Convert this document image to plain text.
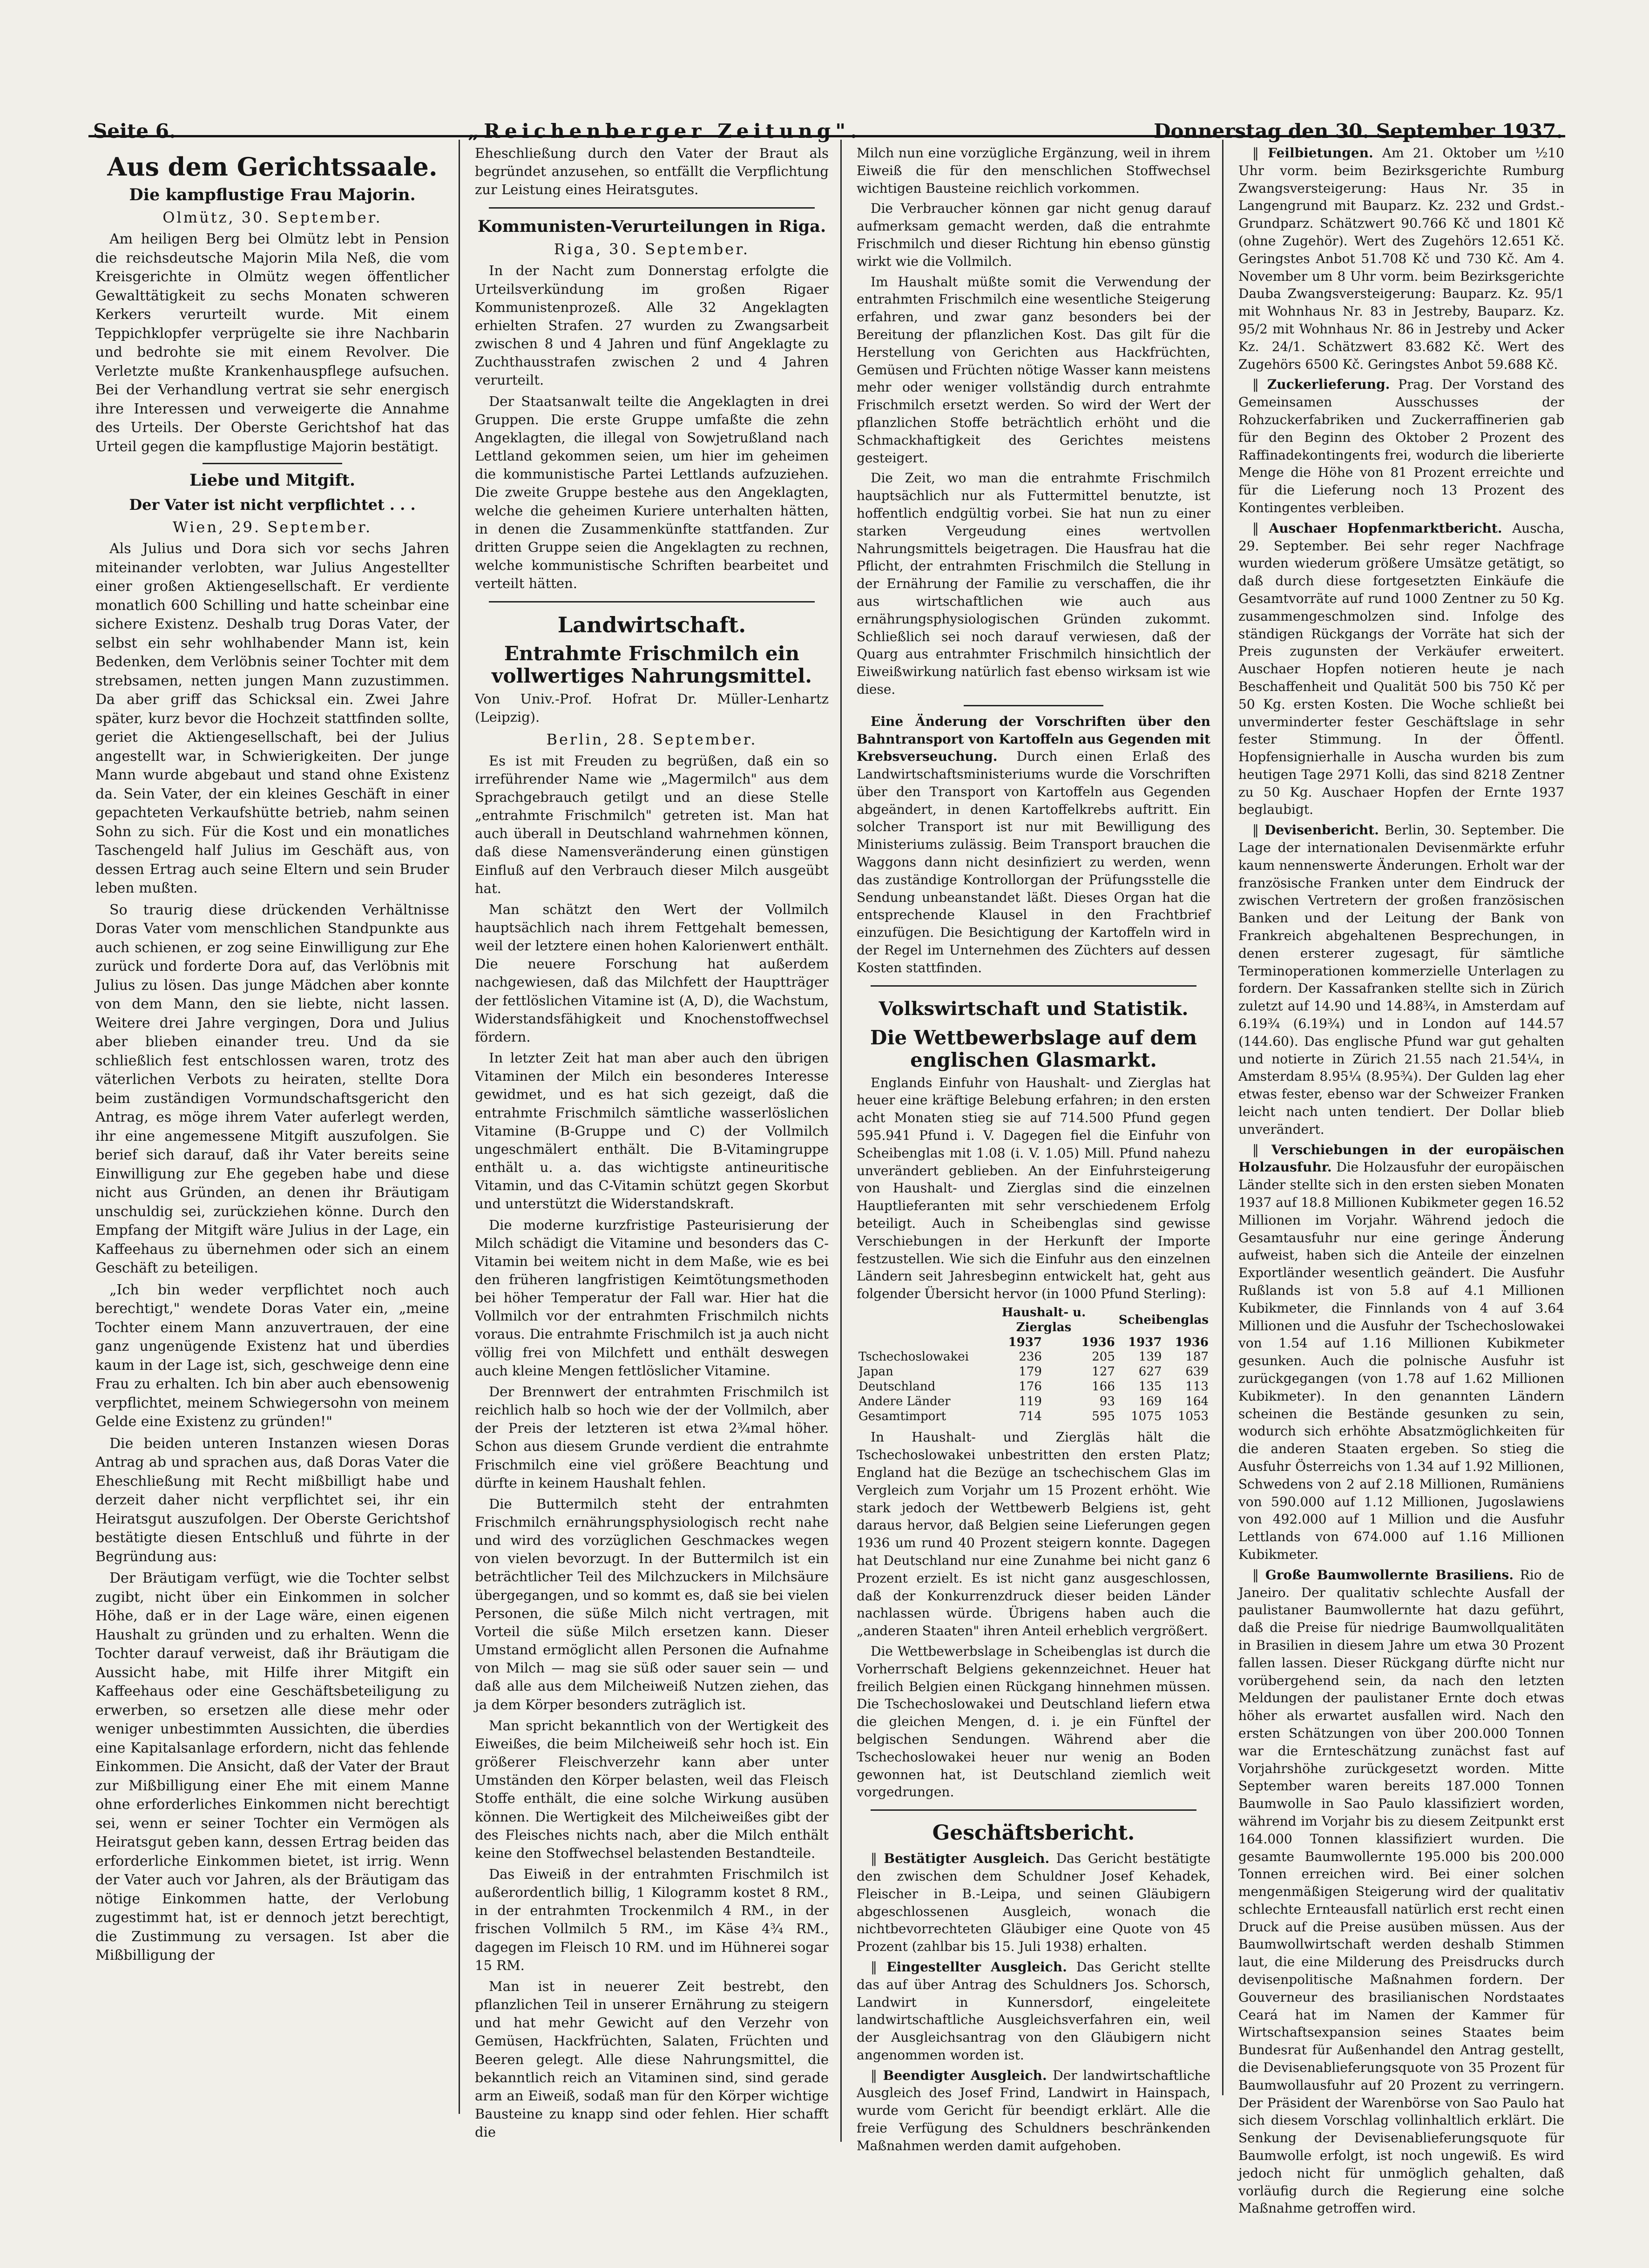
Seite 6.	„Reichenberger Zeitung".	Donnerstag den 30. September 1937.
Aus dem Gerichtssaale.
Die kampflustige Frau Majorin.
Olmütz, 30. September.

Am heiligen Berg bei Olmütz lebt in Pension die reichsdeutsche Majorin Mila Neß, die vom Kreisgerichte in Olmütz wegen öffentlicher Gewalttätigkeit zu sechs Monaten schweren Kerkers verurteilt wurde. Mit einem Teppichklopfer verprügelte sie ihre Nachbarin und bedrohte sie mit einem Revolver. Die Verletzte mußte Krankenhauspflege aufsuchen. Bei der Verhandlung vertrat sie sehr energisch ihre Interessen und verweigerte die Annahme des Urteils. Der Oberste Gerichtshof hat das Urteil gegen die kampflustige Majorin bestätigt.

Liebe und Mitgift.
Der Vater ist nicht verpflichtet . . .
Wien, 29. September.

Als Julius und Dora sich vor sechs Jahren miteinander verlobten, war Julius Angestellter einer großen Aktiengesellschaft. Er verdiente monatlich 600 Schilling und hatte scheinbar eine sichere Existenz. Deshalb trug Doras Vater, der selbst ein sehr wohlhabender Mann ist, kein Bedenken, dem Verlöbnis seiner Tochter mit dem strebsamen, netten jungen Mann zuzustimmen. Da aber griff das Schicksal ein. Zwei Jahre später, kurz bevor die Hochzeit stattfinden sollte, geriet die Aktiengesellschaft, bei der Julius angestellt war, in Schwierigkeiten. Der junge Mann wurde abgebaut und stand ohne Existenz da. Sein Vater, der ein kleines Geschäft in einer gepachteten Verkaufshütte betrieb, nahm seinen Sohn zu sich. Für die Kost und ein monatliches Taschengeld half Julius im Geschäft aus, von dessen Ertrag auch seine Eltern und sein Bruder leben mußten.

So traurig diese drückenden Verhältnisse Doras Vater vom menschlichen Standpunkte aus auch schienen, er zog seine Einwilligung zur Ehe zurück und forderte Dora auf, das Verlöbnis mit Julius zu lösen. Das junge Mädchen aber konnte von dem Mann, den sie liebte, nicht lassen. Weitere drei Jahre vergingen, Dora und Julius aber blieben einander treu. Und da sie schließlich fest entschlossen waren, trotz des väterlichen Verbots zu heiraten, stellte Dora beim zuständigen Vormundschaftsgericht den Antrag, es möge ihrem Vater auferlegt werden, ihr eine angemessene Mitgift auszufolgen. Sie berief sich darauf, daß ihr Vater bereits seine Einwilligung zur Ehe gegeben habe und diese nicht aus Gründen, an denen ihr Bräutigam unschuldig sei, zurückziehen könne. Durch den Empfang der Mitgift wäre Julius in der Lage, ein Kaffeehaus zu übernehmen oder sich an einem Geschäft zu beteiligen.

„Ich bin weder verpflichtet noch auch berechtigt," wendete Doras Vater ein, „meine Tochter einem Mann anzuvertrauen, der eine ganz ungenügende Existenz hat und überdies kaum in der Lage ist, sich, geschweige denn eine Frau zu erhalten. Ich bin aber auch ebensowenig verpflichtet, meinem Schwiegersohn von meinem Gelde eine Existenz zu gründen!"

Die beiden unteren Instanzen wiesen Doras Antrag ab und sprachen aus, daß Doras Vater die Eheschließung mit Recht mißbilligt habe und derzeit daher nicht verpflichtet sei, ihr ein Heiratsgut auszufolgen. Der Oberste Gerichtshof bestätigte diesen Entschluß und führte in der Begründung aus:

Der Bräutigam verfügt, wie die Tochter selbst zugibt, nicht über ein Einkommen in solcher Höhe, daß er in der Lage wäre, einen eigenen Haushalt zu gründen und zu erhalten. Wenn die Tochter darauf verweist, daß ihr Bräutigam die Aussicht habe, mit Hilfe ihrer Mitgift ein Kaffeehaus oder eine Geschäftsbeteiligung zu erwerben, so ersetzen alle diese mehr oder weniger unbestimmten Aussichten, die überdies eine Kapitalsanlage erfordern, nicht das fehlende Einkommen. Die Ansicht, daß der Vater der Braut zur Mißbilligung einer Ehe mit einem Manne ohne erforderliches Einkommen nicht berechtigt sei, wenn er seiner Tochter ein Vermögen als Heiratsgut geben kann, dessen Ertrag beiden das erforderliche Einkommen bietet, ist irrig. Wenn der Vater auch vor Jahren, als der Bräutigam das nötige Einkommen hatte, der Verlobung zugestimmt hat, ist er dennoch jetzt berechtigt, die Zustimmung zu versagen. Ist aber die Mißbilligung der

Eheschließung durch den Vater der Braut als begründet anzusehen, so entfällt die Verpflichtung zur Leistung eines Heiratsgutes.

Kommunisten-Verurteilungen in Riga.
Riga, 30. September.

In der Nacht zum Donnerstag erfolgte die Urteilsverkündung im großen Rigaer Kommunistenprozeß. Alle 32 Angeklagten erhielten Strafen. 27 wurden zu Zwangsarbeit zwischen 8 und 4 Jahren und fünf Angeklagte zu Zuchthausstrafen zwischen 2 und 4 Jahren verurteilt.

Der Staatsanwalt teilte die Angeklagten in drei Gruppen. Die erste Gruppe umfaßte die zehn Angeklagten, die illegal von Sowjetrußland nach Lettland gekommen seien, um hier im geheimen die kommunistische Partei Lettlands aufzuziehen. Die zweite Gruppe bestehe aus den Angeklagten, welche die geheimen Kuriere unterhalten hätten, in denen die Zusammenkünfte stattfanden. Zur dritten Gruppe seien die Angeklagten zu rechnen, welche kommunistische Schriften bearbeitet und verteilt hätten.

Landwirtschaft.
Entrahmte Frischmilch ein vollwertiges Nahrungsmittel.

Von Univ.-Prof. Hofrat Dr. Müller-Lenhartz (Leipzig).

Berlin, 28. September.

Es ist mit Freuden zu begrüßen, daß ein so irreführender Name wie „Magermilch" aus dem Sprachgebrauch getilgt und an diese Stelle „entrahmte Frischmilch" getreten ist. Man hat auch überall in Deutschland wahrnehmen können, daß diese Namensveränderung einen günstigen Einfluß auf den Verbrauch dieser Milch ausgeübt hat.

Man schätzt den Wert der Vollmilch hauptsächlich nach ihrem Fettgehalt bemessen, weil der letztere einen hohen Kalorienwert enthält. Die neuere Forschung hat außerdem nachgewiesen, daß das Milchfett der Hauptträger der fettlöslichen Vitamine ist (A, D), die Wachstum, Widerstandsfähigkeit und Knochenstoffwechsel fördern.

In letzter Zeit hat man aber auch den übrigen Vitaminen der Milch ein besonderes Interesse gewidmet, und es hat sich gezeigt, daß die entrahmte Frischmilch sämtliche wasserlöslichen Vitamine (B-Gruppe und C) der Vollmilch ungeschmälert enthält. Die B-Vitamingruppe enthält u. a. das wichtigste antineuritische Vitamin, und das C-Vitamin schützt gegen Skorbut und unterstützt die Widerstandskraft.

Die moderne kurzfristige Pasteurisierung der Milch schädigt die Vitamine und besonders das C-Vitamin bei weitem nicht in dem Maße, wie es bei den früheren langfristigen Keimtötungsmethoden bei höher Temperatur der Fall war. Hier hat die Vollmilch vor der entrahmten Frischmilch nichts voraus. Die entrahmte Frischmilch ist ja auch nicht völlig frei von Milchfett und enthält deswegen auch kleine Mengen fettlöslicher Vitamine.

Der Brennwert der entrahmten Frischmilch ist reichlich halb so hoch wie der der Vollmilch, aber der Preis der letzteren ist etwa 2¾mal höher. Schon aus diesem Grunde verdient die entrahmte Frischmilch eine viel größere Beachtung und dürfte in keinem Haushalt fehlen.

Die Buttermilch steht der entrahmten Frischmilch ernährungsphysiologisch recht nahe und wird des vorzüglichen Geschmackes wegen von vielen bevorzugt. In der Buttermilch ist ein beträchtlicher Teil des Milchzuckers in Milchsäure übergegangen, und so kommt es, daß sie bei vielen Personen, die süße Milch nicht vertragen, mit Vorteil die süße Milch ersetzen kann. Dieser Umstand ermöglicht allen Personen die Aufnahme von Milch — mag sie süß oder sauer sein — und daß alle aus dem Milcheiweiß Nutzen ziehen, das ja dem Körper besonders zuträglich ist.

Man spricht bekanntlich von der Wertigkeit des Eiweißes, die beim Milcheiweiß sehr hoch ist. Ein größerer Fleischverzehr kann aber unter Umständen den Körper belasten, weil das Fleisch Stoffe enthält, die eine solche Wirkung ausüben können. Die Wertigkeit des Milcheiweißes gibt der des Fleisches nichts nach, aber die Milch enthält keine den Stoffwechsel belastenden Bestandteile.

Das Eiweiß in der entrahmten Frischmilch ist außerordentlich billig, 1 Kilogramm kostet 8 RM., in der entrahmten Trockenmilch 4 RM., in der frischen Vollmilch 5 RM., im Käse 4¾ RM., dagegen im Fleisch 10 RM. und im Hühnerei sogar 15 RM.

Man ist in neuerer Zeit bestrebt, den pflanzlichen Teil in unserer Ernährung zu steigern und hat mehr Gewicht auf den Verzehr von Gemüsen, Hackfrüchten, Salaten, Früchten und Beeren gelegt. Alle diese Nahrungsmittel, die bekanntlich reich an Vitaminen sind, sind gerade arm an Eiweiß, sodaß man für den Körper wichtige Bausteine zu knapp sind oder fehlen. Hier schafft die

Milch nun eine vorzügliche Ergänzung, weil in ihrem Eiweiß die für den menschlichen Stoffwechsel wichtigen Bausteine reichlich vorkommen.

Die Verbraucher können gar nicht genug darauf aufmerksam gemacht werden, daß die entrahmte Frischmilch und dieser Richtung hin ebenso günstig wirkt wie die Vollmilch.

Im Haushalt müßte somit die Verwendung der entrahmten Frischmilch eine wesentliche Steigerung erfahren, und zwar ganz besonders bei der Bereitung der pflanzlichen Kost. Das gilt für die Herstellung von Gerichten aus Hackfrüchten, Gemüsen und Früchten nötige Wasser kann meistens mehr oder weniger vollständig durch entrahmte Frischmilch ersetzt werden. So wird der Wert der pflanzlichen Stoffe beträchtlich erhöht und die Schmackhaftigkeit des Gerichtes meistens gesteigert.

Die Zeit, wo man die entrahmte Frischmilch hauptsächlich nur als Futtermittel benutzte, ist hoffentlich endgültig vorbei. Sie hat nun zu einer starken Vergeudung eines wertvollen Nahrungsmittels beigetragen. Die Hausfrau hat die Pflicht, der entrahmten Frischmilch die Stellung in der Ernährung der Familie zu verschaffen, die ihr aus wirtschaftlichen wie auch aus ernährungsphysiologischen Gründen zukommt. Schließlich sei noch darauf verwiesen, daß der Quarg aus entrahmter Frischmilch hinsichtlich der Eiweißwirkung natürlich fast ebenso wirksam ist wie diese.

Eine Änderung der Vorschriften über den Bahntransport von Kartoffeln aus Gegenden mit Krebsverseuchung. Durch einen Erlaß des Landwirtschaftsministeriums wurde die Vorschriften über den Transport von Kartoffeln aus Gegenden abgeändert, in denen Kartoffelkrebs auftritt. Ein solcher Transport ist nur mit Bewilligung des Ministeriums zulässig. Beim Transport brauchen die Waggons dann nicht desinfiziert zu werden, wenn das zuständige Kontrollorgan der Prüfungsstelle die Sendung unbeanstandet läßt. Dieses Organ hat die entsprechende Klausel in den Frachtbrief einzufügen. Die Besichtigung der Kartoffeln wird in der Regel im Unternehmen des Züchters auf dessen Kosten stattfinden.

Volkswirtschaft und Statistik.
Die Wettbewerbslage auf dem englischen Glasmarkt.

Englands Einfuhr von Haushalt- und Zierglas hat heuer eine kräftige Belebung erfahren; in den ersten acht Monaten stieg sie auf 714.500 Pfund gegen 595.941 Pfund i. V. Dagegen fiel die Einfuhr von Scheibenglas mit 1.08 (i. V. 1.05) Mill. Pfund nahezu unverändert geblieben. An der Einfuhrsteigerung von Haushalt- und Zierglas sind die einzelnen Hauptlieferanten mit sehr verschiedenem Erfolg beteiligt. Auch in Scheibenglas sind gewisse Verschiebungen in der Herkunft der Importe festzustellen. Wie sich die Einfuhr aus den einzelnen Ländern seit Jahresbeginn entwickelt hat, geht aus folgender Übersicht hervor (in 1000 Pfund Sterling):

	Haushalt- u. Zierglas		Scheibenglas	
	1937	1936	1937	1936
Tschechoslowakei	236	205	139	187
Japan	179	127	627	639
Deutschland	176	166	135	113
Andere Länder	119	93	169	164
Gesamtimport	714	595	1075	1053

In Haushalt- und Ziergläs hält die Tschechoslowakei unbestritten den ersten Platz; England hat die Bezüge an tschechischem Glas im Vergleich zum Vorjahr um 15 Prozent erhöht. Wie stark jedoch der Wettbewerb Belgiens ist, geht daraus hervor, daß Belgien seine Lieferungen gegen 1936 um rund 40 Prozent steigern konnte. Dagegen hat Deutschland nur eine Zunahme bei nicht ganz 6 Prozent erzielt. Es ist nicht ganz ausgeschlossen, daß der Konkurrenzdruck dieser beiden Länder nachlassen würde. Übrigens haben auch die „anderen Staaten" ihren Anteil erheblich vergrößert.

Die Wettbewerbslage in Scheibenglas ist durch die Vorherrschaft Belgiens gekennzeichnet. Heuer hat freilich Belgien einen Rückgang hinnehmen müssen. Die Tschechoslowakei und Deutschland liefern etwa die gleichen Mengen, d. i. je ein Fünftel der belgischen Sendungen. Während aber die Tschechoslowakei heuer nur wenig an Boden gewonnen hat, ist Deutschland ziemlich weit vorgedrungen.

Geschäftsbericht.

‖ Bestätigter Ausgleich. Das Gericht bestätigte den zwischen dem Schuldner Josef Kehadek, Fleischer in B.-Leipa, und seinen Gläubigern abgeschlossenen Ausgleich, wonach die nichtbevorrechteten Gläubiger eine Quote von 45 Prozent (zahlbar bis 15. Juli 1938) erhalten.

‖ Eingestellter Ausgleich. Das Gericht stellte das auf über Antrag des Schuldners Jos. Schorsch, Landwirt in Kunnersdorf, eingeleitete landwirtschaftliche Ausgleichsverfahren ein, weil der Ausgleichsantrag von den Gläubigern nicht angenommen worden ist.

‖ Beendigter Ausgleich. Der landwirtschaftliche Ausgleich des Josef Frind, Landwirt in Hainspach, wurde vom Gericht für beendigt erklärt. Alle die freie Verfügung des Schuldners beschränkenden Maßnahmen werden damit aufgehoben.

‖ Feilbietungen. Am 21. Oktober um ½10 Uhr vorm. beim Bezirksgerichte Rumburg Zwangsversteigerung: Haus Nr. 35 in Langengrund mit Bauparz. Kz. 232 und Grdst.-Grundparz. Schätzwert 90.766 Kč und 1801 Kč (ohne Zugehör). Wert des Zugehörs 12.651 Kč. Geringstes Anbot 51.708 Kč und 730 Kč. Am 4. November um 8 Uhr vorm. beim Bezirksgerichte Dauba Zwangsversteigerung: Bauparz. Kz. 95/1 mit Wohnhaus Nr. 83 in Jestreby, Bauparz. Kz. 95/2 mit Wohnhaus Nr. 86 in Jestreby und Acker Kz. 24/1. Schätzwert 83.682 Kč. Wert des Zugehörs 6500 Kč. Geringstes Anbot 59.688 Kč.

‖ Zuckerlieferung. Prag. Der Vorstand des Gemeinsamen Ausschusses der Rohzuckerfabriken und Zuckerraffinerien gab für den Beginn des Oktober 2 Prozent des Raffinadekontingents frei, wodurch die liberierte Menge die Höhe von 81 Prozent erreichte und für die Lieferung noch 13 Prozent des Kontingentes verbleiben.

‖ Auschaer Hopfenmarktbericht. Auscha, 29. September. Bei sehr reger Nachfrage wurden wiederum größere Umsätze getätigt, so daß durch diese fortgesetzten Einkäufe die Gesamtvorräte auf rund 1000 Zentner zu 50 Kg. zusammengeschmolzen sind. Infolge des ständigen Rückgangs der Vorräte hat sich der Preis zugunsten der Verkäufer erweitert. Auschaer Hopfen notieren heute je nach Beschaffenheit und Qualität 500 bis 750 Kč per 50 Kg. ersten Kosten. Die Woche schließt bei unverminderter fester Geschäftslage in sehr fester Stimmung. In der Öffentl. Hopfensignierhalle in Auscha wurden bis zum heutigen Tage 2971 Kolli, das sind 8218 Zentner zu 50 Kg. Auschaer Hopfen der Ernte 1937 beglaubigt.

‖ Devisenbericht. Berlin, 30. September. Die Lage der internationalen Devisenmärkte erfuhr kaum nennenswerte Änderungen. Erholt war der französische Franken unter dem Eindruck der zwischen Vertretern der großen französischen Banken und der Leitung der Bank von Frankreich abgehaltenen Besprechungen, in denen ersterer zugesagt, für sämtliche Terminoperationen kommerzielle Unterlagen zu fordern. Der Kassafranken stellte sich in Zürich zuletzt auf 14.90 und 14.88¾, in Amsterdam auf 6.19¾ (6.19¾) und in London auf 144.57 (144.60). Das englische Pfund war gut gehalten und notierte in Zürich 21.55 nach 21.54¼, in Amsterdam 8.95¼ (8.95¾). Der Gulden lag eher etwas fester, ebenso war der Schweizer Franken leicht nach unten tendiert. Der Dollar blieb unverändert.

‖ Verschiebungen in der europäischen Holzausfuhr. Die Holzausfuhr der europäischen Länder stellte sich in den ersten sieben Monaten 1937 auf 18.8 Millionen Kubikmeter gegen 16.52 Millionen im Vorjahr. Während jedoch die Gesamtausfuhr nur eine geringe Änderung aufweist, haben sich die Anteile der einzelnen Exportländer wesentlich geändert. Die Ausfuhr Rußlands ist von 5.8 auf 4.1 Millionen Kubikmeter, die Finnlands von 4 auf 3.64 Millionen und die Ausfuhr der Tschechoslowakei von 1.54 auf 1.16 Millionen Kubikmeter gesunken. Auch die polnische Ausfuhr ist zurückgegangen (von 1.78 auf 1.62 Millionen Kubikmeter). In den genannten Ländern scheinen die Bestände gesunken zu sein, wodurch sich erhöhte Absatzmöglichkeiten für die anderen Staaten ergeben. So stieg die Ausfuhr Österreichs von 1.34 auf 1.92 Millionen, Schwedens von 2 auf 2.18 Millionen, Rumäniens von 590.000 auf 1.12 Millionen, Jugoslawiens von 492.000 auf 1 Million und die Ausfuhr Lettlands von 674.000 auf 1.16 Millionen Kubikmeter.

‖ Große Baumwollernte Brasiliens. Rio de Janeiro. Der qualitativ schlechte Ausfall der paulistaner Baumwollernte hat dazu geführt, daß die Preise für niedrige Baumwollqualitäten in Brasilien in diesem Jahre um etwa 30 Prozent fallen lassen. Dieser Rückgang dürfte nicht nur vorübergehend sein, da nach den letzten Meldungen der paulistaner Ernte doch etwas höher als erwartet ausfallen wird. Nach den ersten Schätzungen von über 200.000 Tonnen war die Ernteschätzung zunächst fast auf Vorjahrshöhe zurückgesetzt worden. Mitte September waren bereits 187.000 Tonnen Baumwolle in Sao Paulo klassifiziert worden, während im Vorjahr bis zu diesem Zeitpunkt erst 164.000 Tonnen klassifiziert wurden. Die gesamte Baumwollernte 195.000 bis 200.000 Tonnen erreichen wird. Bei einer solchen mengenmäßigen Steigerung wird der qualitativ schlechte Ernteausfall natürlich erst recht einen Druck auf die Preise ausüben müssen. Aus der Baumwollwirtschaft werden deshalb Stimmen laut, die eine Milderung des Preisdrucks durch devisenpolitische Maßnahmen fordern. Der Gouverneur des brasilianischen Nordstaates Ceará hat im Namen der Kammer für Wirtschaftsexpansion seines Staates beim Bundesrat für Außenhandel den Antrag gestellt, die Devisenablieferungsquote von 35 Prozent für Baumwollausfuhr auf 20 Prozent zu verringern. Der Präsident der Warenbörse von Sao Paulo hat sich diesem Vorschlag vollinhaltlich erklärt. Die Senkung der Devisenablieferungsquote für Baumwolle erfolgt, ist noch ungewiß. Es wird jedoch nicht für unmöglich gehalten, daß vorläufig durch die Regierung eine solche Maßnahme getroffen wird.
